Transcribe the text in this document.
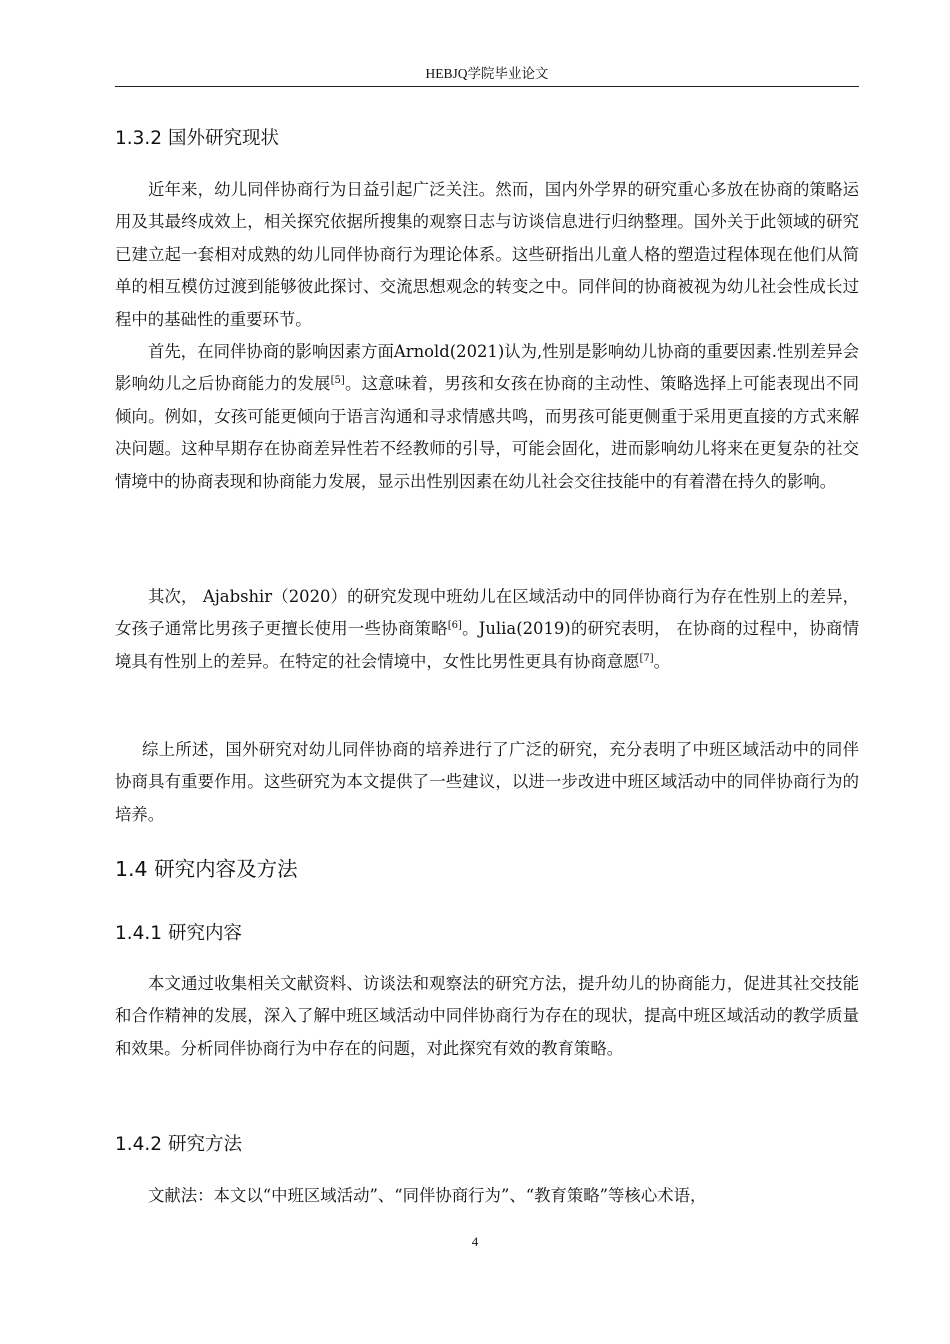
HEBJQ学院毕业论文
1.3.2 国外研究现状
近年来，幼儿同伴协商行为日益引起广泛关注。然而，国内外学界的研究重心多放在协商的策略运用及其最终成效上，相关探究依据所搜集的观察日志与访谈信息进行归纳整理。国外关于此领域的研究已建立起一套相对成熟的幼儿同伴协商行为理论体系。这些研指出儿童人格的塑造过程体现在他们从简单的相互模仿过渡到能够彼此探讨、交流思想观念的转变之中。同伴间的协商被视为幼儿社会性成长过程中的基础性的重要环节。
首先，在同伴协商的影响因素方面Arnold(2021)认为,性别是影响幼儿协商的重要因素.性别差异会影响幼儿之后协商能力的发展[5]。这意味着，男孩和女孩在协商的主动性、策略选择上可能表现出不同倾向。例如，女孩可能更倾向于语言沟通和寻求情感共鸣，而男孩可能更侧重于采用更直接的方式来解决问题。这种早期存在协商差异性若不经教师的引导，可能会固化，进而影响幼儿将来在更复杂的社交情境中的协商表现和协商能力发展，显示出性别因素在幼儿社会交往技能中的有着潜在持久的影响。
其次， Ajabshir（2020）的研究发现中班幼儿在区域活动中的同伴协商行为存在性别上的差异，女孩子通常比男孩子更擅长使用一些协商策略[6]。Julia(2019)的研究表明， 在协商的过程中，协商情境具有性别上的差异。在特定的社会情境中，女性比男性更具有协商意愿[7]。
综上所述，国外研究对幼儿同伴协商的培养进行了广泛的研究，充分表明了中班区域活动中的同伴协商具有重要作用。这些研究为本文提供了一些建议，以进一步改进中班区域活动中的同伴协商行为的培养。
1.4 研究内容及方法
1.4.1 研究内容
本文通过收集相关文献资料、访谈法和观察法的研究方法，提升幼儿的协商能力，促进其社交技能和合作精神的发展，深入了解中班区域活动中同伴协商行为存在的现状，提高中班区域活动的教学质量和效果。分析同伴协商行为中存在的问题，对此探究有效的教育策略。
1.4.2 研究方法
文献法：本文以“中班区域活动”、“同伴协商行为”、“教育策略”等核心术语，
4
